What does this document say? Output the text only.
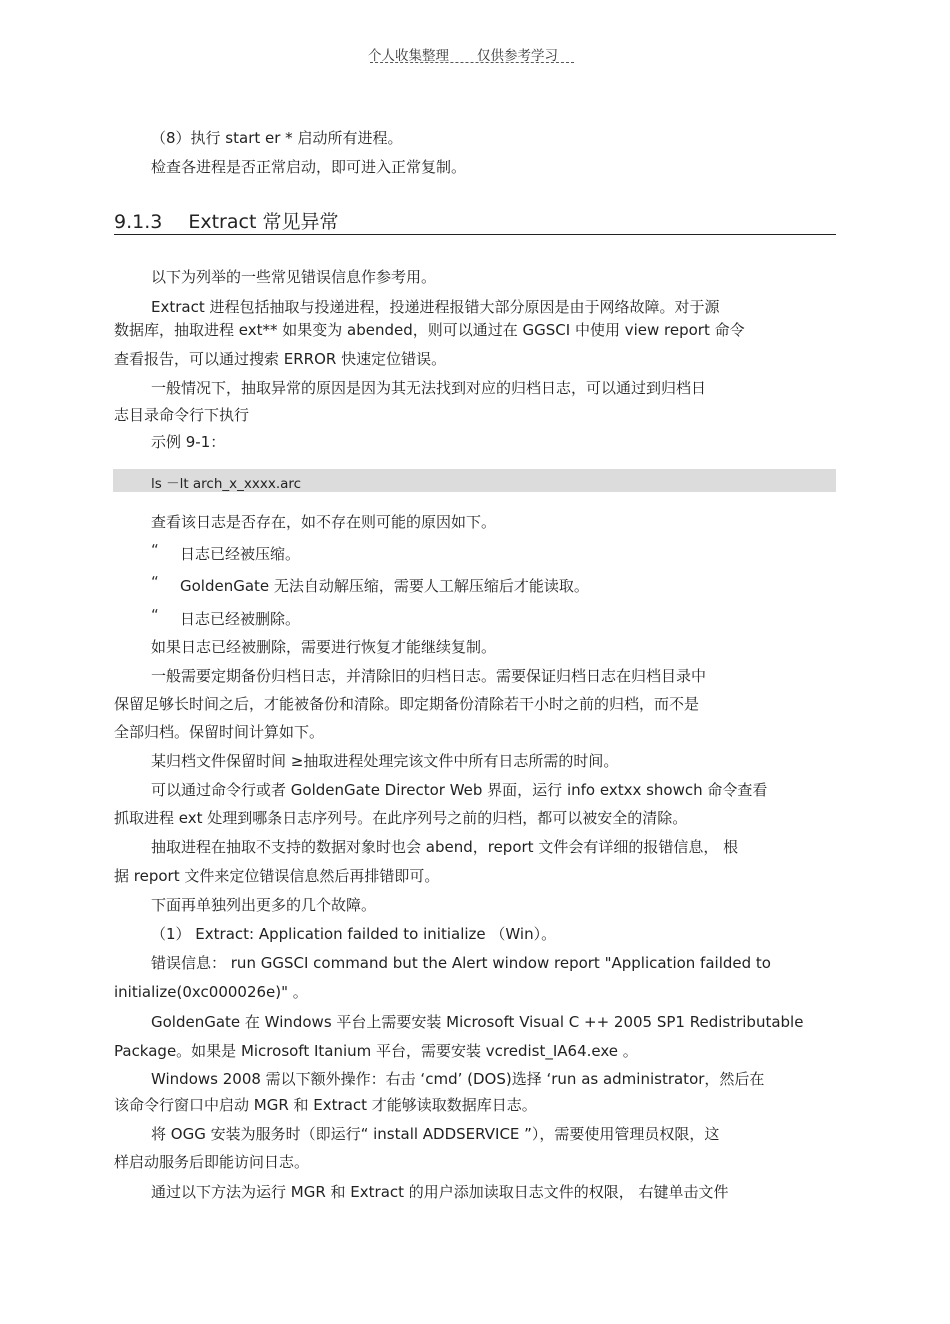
个人收集整理 仅供参考学习
（8）执行 start er * 启动所有进程。
检查各进程是否正常启动，即可进入正常复制。
9.1.3 Extract 常见异常
以下为列举的一些常见错误信息作参考用。
Extract 进程包括抽取与投递进程，投递进程报错大部分原因是由于网络故障。对于源
数据库，抽取进程 ext** 如果变为 abended，则可以通过在 GGSCI 中使用 view report 命令
查看报告，可以通过搜索 ERROR 快速定位错误。
一般情况下，抽取异常的原因是因为其无法找到对应的归档日志，可以通过到归档日
志目录命令行下执行
示例 9-1：
ls －lt arch_x_xxxx.arc
查看该日志是否存在，如不存在则可能的原因如下。
“ 日志已经被压缩。
“ GoldenGate 无法自动解压缩，需要人工解压缩后才能读取。
“ 日志已经被删除。
如果日志已经被删除，需要进行恢复才能继续复制。
一般需要定期备份归档日志，并清除旧的归档日志。需要保证归档日志在归档目录中
保留足够长时间之后，才能被备份和清除。即定期备份清除若干小时之前的归档，而不是
全部归档。保留时间计算如下。
某归档文件保留时间 ≥抽取进程处理完该文件中所有日志所需的时间。
可以通过命令行或者 GoldenGate Director Web 界面，运行 info extxx showch 命令查看
抓取进程 ext 处理到哪条日志序列号。在此序列号之前的归档，都可以被安全的清除。
抽取进程在抽取不支持的数据对象时也会 abend，report 文件会有详细的报错信息， 根
据 report 文件来定位错误信息然后再排错即可。
下面再单独列出更多的几个故障。
（1） Extract: Application failded to initialize （Win）。
错误信息： run GGSCI command but the Alert window report "Application failded to
initialize(0xc000026e)" 。
GoldenGate 在 Windows 平台上需要安装 Microsoft Visual C ++ 2005 SP1 Redistributable
Package。如果是 Microsoft Itanium 平台，需要安装 vcredist_IA64.exe 。
Windows 2008 需以下额外操作：右击 ‘cmd’ (DOS)选择 ‘run as administrator，然后在
该命令行窗口中启动 MGR 和 Extract 才能够读取数据库日志。
将 OGG 安装为服务时（即运行“ install ADDSERVICE ”），需要使用管理员权限，这
样启动服务后即能访问日志。
通过以下方法为运行 MGR 和 Extract 的用户添加读取日志文件的权限， 右键单击文件
